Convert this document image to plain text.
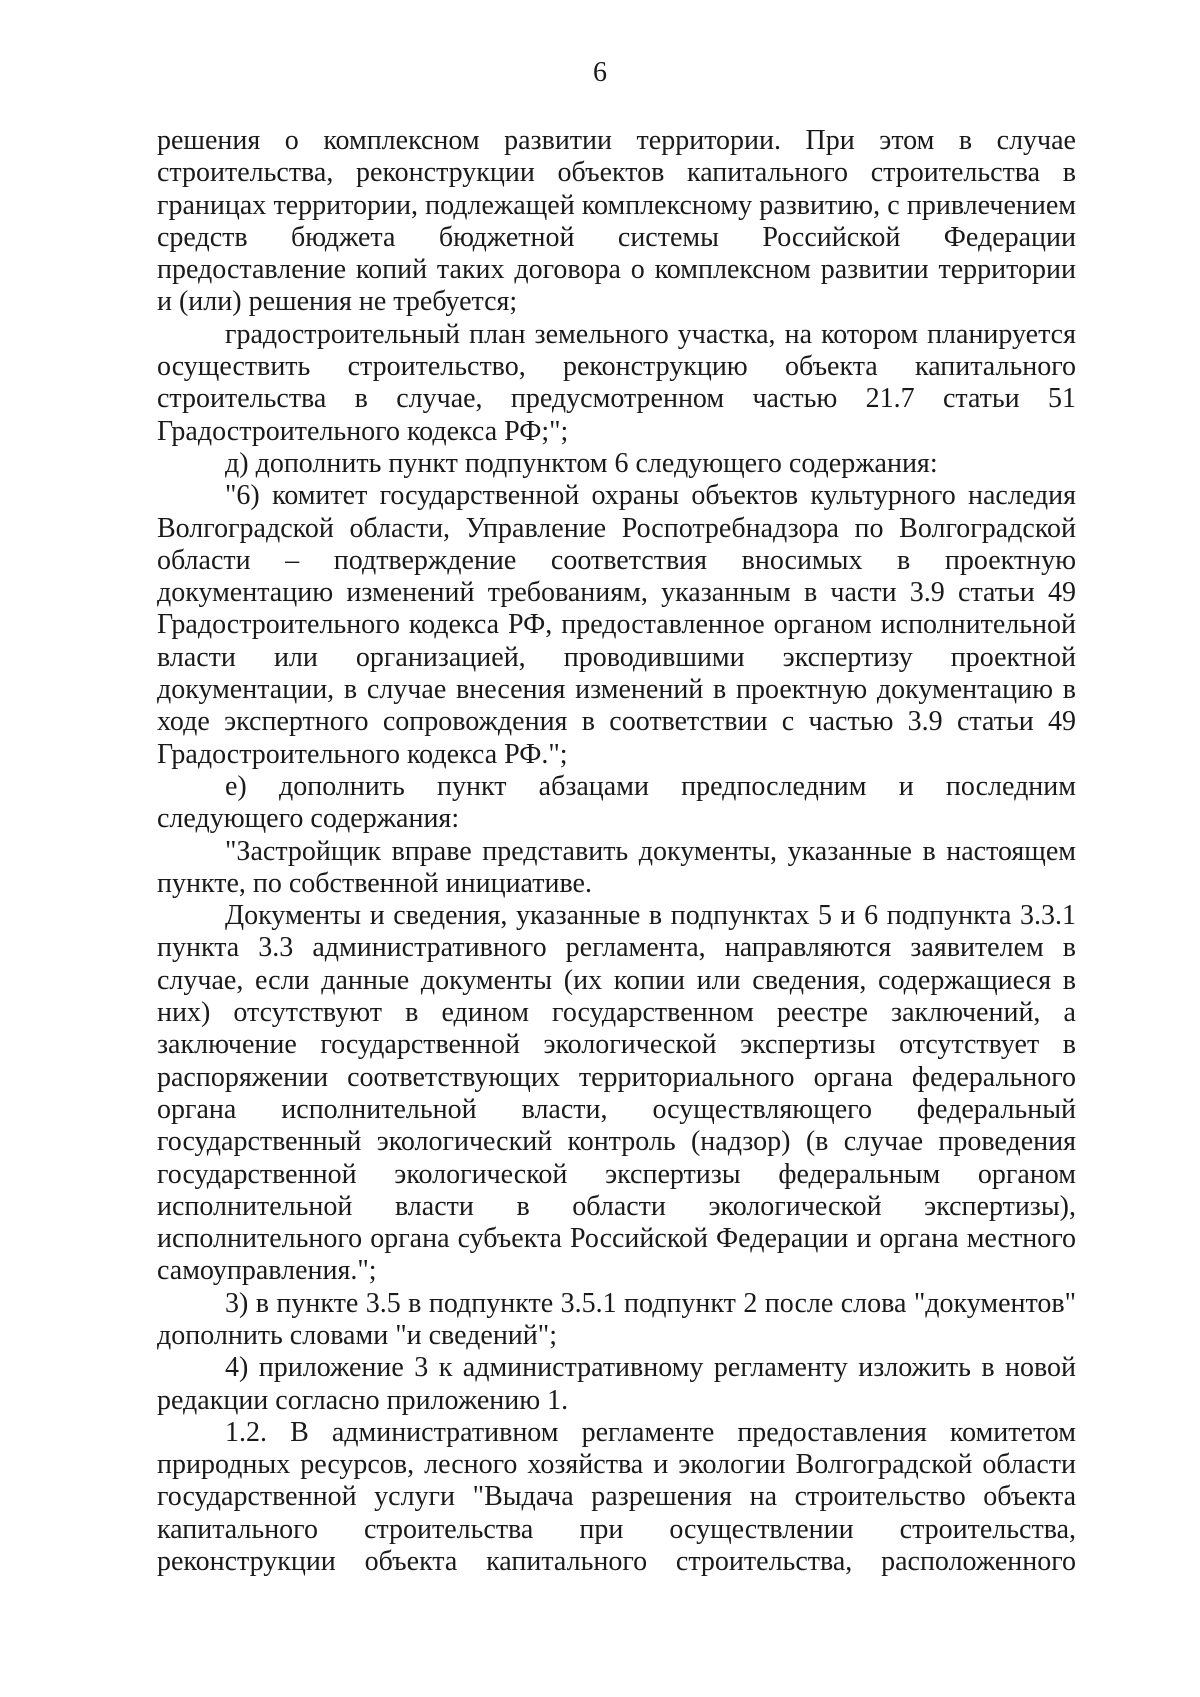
6

решения о комплексном развитии территории. При этом в случае строительства, реконструкции объектов капитального строительства в границах территории, подлежащей комплексному развитию, с привлечением средств бюджета бюджетной системы Российской Федерации предоставление копий таких договора о комплексном развитии территории и (или) решения не требуется;

градостроительный план земельного участка, на котором планируется осуществить строительство, реконструкцию объекта капитального строительства в случае, предусмотренном частью 21.7 статьи 51 Градостроительного кодекса РФ;";

д) дополнить пункт подпунктом 6 следующего содержания:

"6) комитет государственной охраны объектов культурного наследия Волгоградской области, Управление Роспотребнадзора по Волгоградской области – подтверждение соответствия вносимых в проектную документацию изменений требованиям, указанным в части 3.9 статьи 49 Градостроительного кодекса РФ, предоставленное органом исполнительной власти или организацией, проводившими экспертизу проектной документации, в случае внесения изменений в проектную документацию в ходе экспертного сопровождения в соответствии с частью 3.9 статьи 49 Градостроительного кодекса РФ.";

е) дополнить пункт абзацами предпоследним и последним следующего содержания:

"Застройщик вправе представить документы, указанные в настоящем пункте, по собственной инициативе.

Документы и сведения, указанные в подпунктах 5 и 6 подпункта 3.3.1 пункта 3.3 административного регламента, направляются заявителем в случае, если данные документы (их копии или сведения, содержащиеся в них) отсутствуют в едином государственном реестре заключений, а заключение государственной экологической экспертизы отсутствует в распоряжении соответствующих территориального органа федерального органа исполнительной власти, осуществляющего федеральный государственный экологический контроль (надзор) (в случае проведения государственной экологической экспертизы федеральным органом исполнительной власти в области экологической экспертизы), исполнительного органа субъекта Российской Федерации и органа местного самоуправления.";

3) в пункте 3.5 в подпункте 3.5.1 подпункт 2 после слова "документов" дополнить словами "и сведений";

4) приложение 3 к административному регламенту изложить в новой редакции согласно приложению 1.

1.2. В административном регламенте предоставления комитетом природных ресурсов, лесного хозяйства и экологии Волгоградской области государственной услуги "Выдача разрешения на строительство объекта капитального строительства при осуществлении строительства, реконструкции объекта капитального строительства, расположенного
